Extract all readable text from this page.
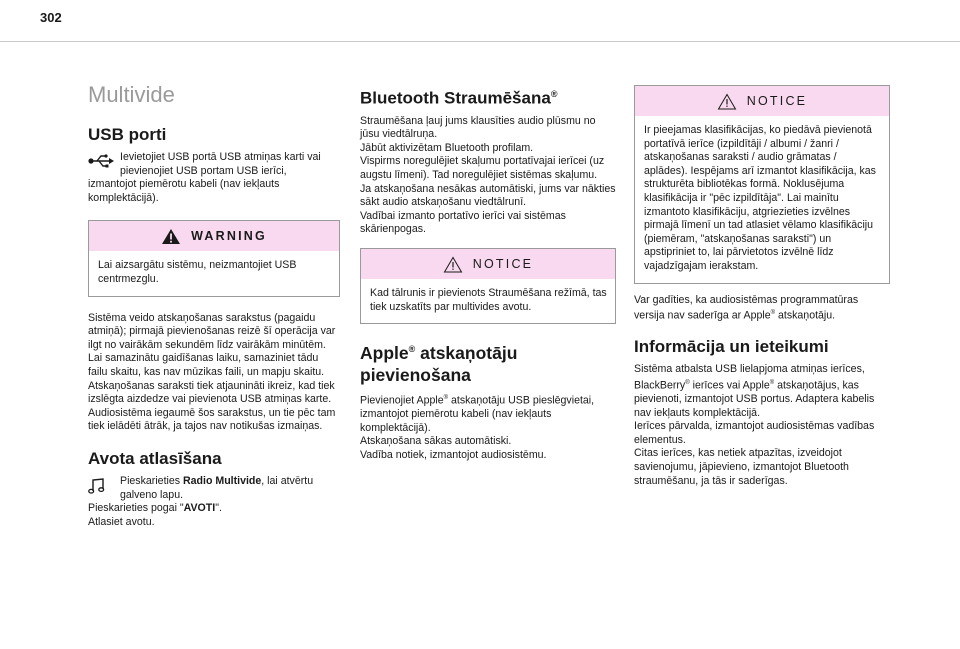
302
Multivide
USB porti

Ievietojiet USB portā USB atmiņas karti vai pievienojiet USB portam USB ierīci,

izmantojot piemērotu kabeli (nav iekļauts komplektācijā).

WARNING

Lai aizsargātu sistēmu, neizmantojiet USB centrmezglu.

Sistēma veido atskaņošanas sarakstus (pagaidu atmiņā); pirmajā pievienošanas reizē šī operācija var ilgt no vairākām sekundēm līdz vairākām minūtēm.

Lai samazinātu gaidīšanas laiku, samaziniet tādu failu skaitu, kas nav mūzikas faili, un mapju skaitu.

Atskaņošanas saraksti tiek atjaunināti ikreiz, kad tiek izslēgta aizdedze vai pievienota USB atmiņas karte. Audiosistēma iegaumē šos sarakstus, un tie pēc tam tiek ielādēti ātrāk, ja tajos nav notikušas izmaiņas.

Avota atlasīšana

Pieskarieties Radio Multivide, lai atvērtu galveno lapu.

Pieskarieties pogai "AVOTI".

Atlasiet avotu.

Bluetooth Straumēšana®

Straumēšana ļauj jums klausīties audio plūsmu no jūsu viedtālruņa.

Jābūt aktivizētam Bluetooth profilam.

Vispirms noregulējiet skaļumu portatīvajai ierīcei (uz augstu līmeni). Tad noregulējiet sistēmas skaļumu.

Ja atskaņošana nesākas automātiski, jums var nākties sākt audio atskaņošanu viedtālrunī.

Vadībai izmanto portatīvo ierīci vai sistēmas skārienpogas.

NOTICE

Kad tālrunis ir pievienots Straumēšana režīmā, tas tiek uzskatīts par multivides avotu.

Apple® atskaņotāju
pievienošana

Pievienojiet Apple® atskaņotāju USB pieslēgvietai, izmantojot piemērotu kabeli (nav iekļauts komplektācijā).

Atskaņošana sākas automātiski.

Vadība notiek, izmantojot audiosistēmu.

NOTICE

Ir pieejamas klasifikācijas, ko piedāvā pievienotā portatīvā ierīce (izpildītāji / albumi / žanri / atskaņošanas saraksti / audio grāmatas / aplādes). Iespējams arī izmantot klasifikācija, kas strukturēta bibliotēkas formā. Noklusējuma klasifikācija ir "pēc izpildītāja". Lai mainītu izmantoto klasifikāciju, atgriezieties izvēlnes pirmajā līmenī un tad atlasiet vēlamo klasifikāciju (piemēram, "atskaņošanas saraksti") un apstipriniet to, lai pārvietotos izvēlnē līdz vajadzīgajam ierakstam.

Var gadīties, ka audiosistēmas programmatūras versija nav saderīga ar Apple® atskaņotāju.

Informācija un ieteikumi

Sistēma atbalsta USB lielapjoma atmiņas ierīces, BlackBerry® ierīces vai Apple® atskaņotājus, kas pievienoti, izmantojot USB portus. Adaptera kabelis nav iekļauts komplektācijā.

Ierīces pārvalda, izmantojot audiosistēmas vadības elementus.

Citas ierīces, kas netiek atpazītas, izveidojot savienojumu, jāpievieno, izmantojot Bluetooth straumēšanu, ja tās ir saderīgas.
